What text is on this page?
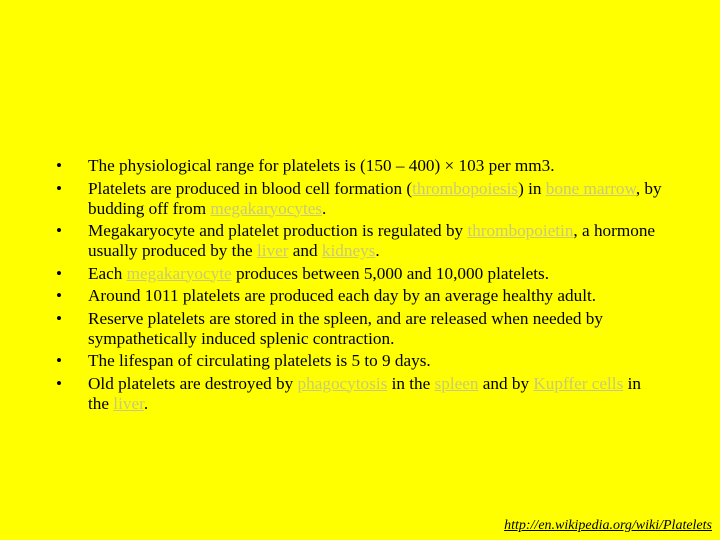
•	The physiological range for platelets is (150 – 400) × 103 per mm3.
•	Platelets are produced in blood cell formation (thrombopoiesis) in bone marrow, by budding off from megakaryocytes.
•	Megakaryocyte and platelet production is regulated by thrombopoietin, a hormone usually produced by the liver and kidneys.
•	Each megakaryocyte produces between 5,000 and 10,000 platelets.
•	Around 1011 platelets are produced each day by an average healthy adult.
•	Reserve platelets are stored in the spleen, and are released when needed by sympathetically induced splenic contraction.
•	The lifespan of circulating platelets is 5 to 9 days.
•	Old platelets are destroyed by phagocytosis in the spleen and by Kupffer cells in the liver.
http://en.wikipedia.org/wiki/Platelets
